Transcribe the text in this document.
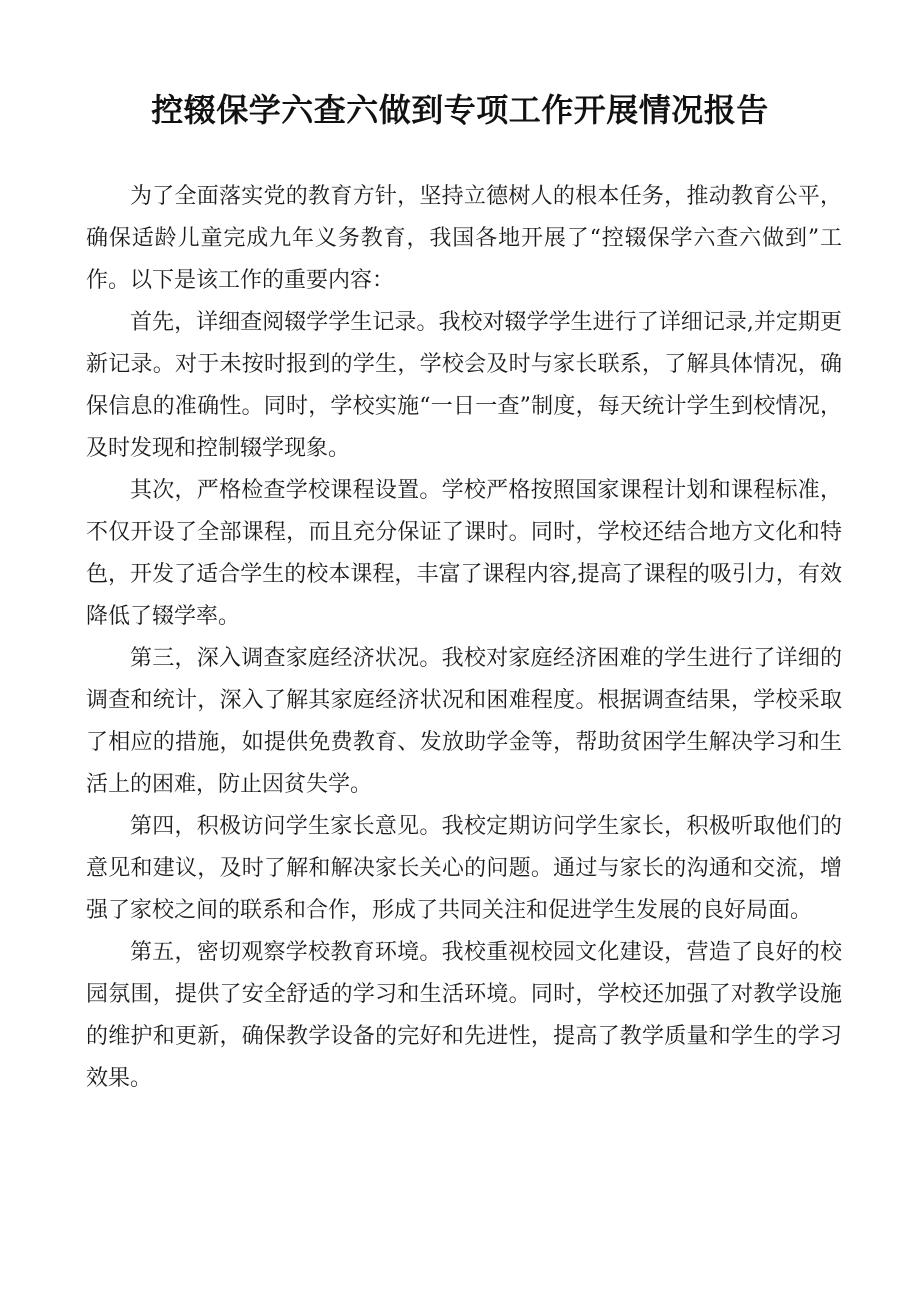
控辍保学六查六做到专项工作开展情况报告

为了全面落实党的教育方针，坚持立德树人的根本任务，推动教育公平，确保适龄儿童完成九年义务教育，我国各地开展了“控辍保学六查六做到”工作。以下是该工作的重要内容：

首先，详细查阅辍学学生记录。我校对辍学学生进行了详细记录,并定期更新记录。对于未按时报到的学生，学校会及时与家长联系，了解具体情况，确保信息的准确性。同时，学校实施“一日一查”制度，每天统计学生到校情况，及时发现和控制辍学现象。

其次，严格检查学校课程设置。学校严格按照国家课程计划和课程标准，不仅开设了全部课程，而且充分保证了课时。同时，学校还结合地方文化和特色，开发了适合学生的校本课程，丰富了课程内容,提高了课程的吸引力，有效降低了辍学率。

第三，深入调查家庭经济状况。我校对家庭经济困难的学生进行了详细的调查和统计，深入了解其家庭经济状况和困难程度。根据调查结果，学校采取了相应的措施，如提供免费教育、发放助学金等，帮助贫困学生解决学习和生活上的困难，防止因贫失学。

第四，积极访问学生家长意见。我校定期访问学生家长，积极听取他们的意见和建议，及时了解和解决家长关心的问题。通过与家长的沟通和交流，增强了家校之间的联系和合作，形成了共同关注和促进学生发展的良好局面。

第五，密切观察学校教育环境。我校重视校园文化建设，营造了良好的校园氛围，提供了安全舒适的学习和生活环境。同时，学校还加强了对教学设施的维护和更新，确保教学设备的完好和先进性，提高了教学质量和学生的学习效果。
